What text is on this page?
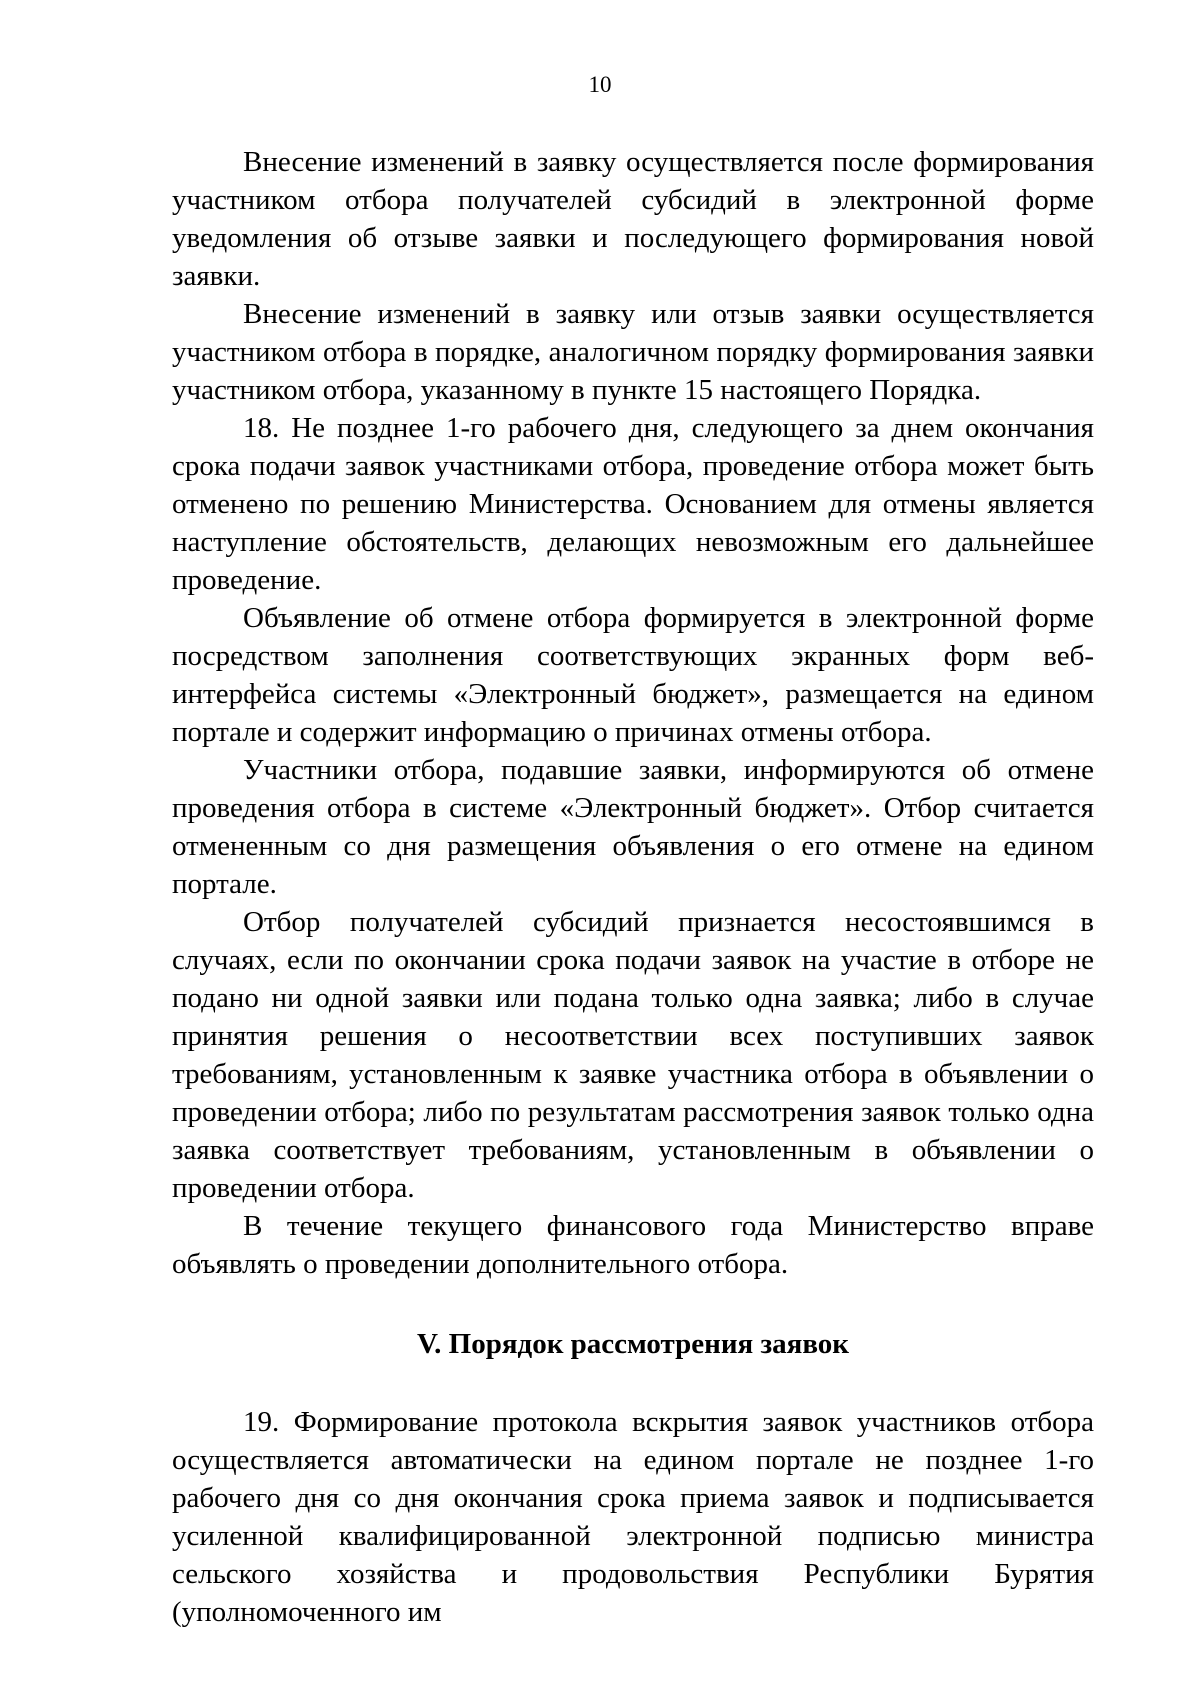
10

Внесение изменений в заявку осуществляется после формирования участником отбора получателей субсидий в электронной форме уведомления об отзыве заявки и последующего формирования новой заявки.

Внесение изменений в заявку или отзыв заявки осуществляется участником отбора в порядке, аналогичном порядку формирования заявки участником отбора, указанному в пункте 15 настоящего Порядка.

18. Не позднее 1-го рабочего дня, следующего за днем окончания срока подачи заявок участниками отбора, проведение отбора может быть отменено по решению Министерства. Основанием для отмены является наступление обстоятельств, делающих невозможным его дальнейшее проведение.

Объявление об отмене отбора формируется в электронной форме посредством заполнения соответствующих экранных форм веб-интерфейса системы «Электронный бюджет», размещается на едином портале и содержит информацию о причинах отмены отбора.

Участники отбора, подавшие заявки, информируются об отмене проведения отбора в системе «Электронный бюджет». Отбор считается отмененным со дня размещения объявления о его отмене на едином портале.

Отбор получателей субсидий признается несостоявшимся в случаях, если по окончании срока подачи заявок на участие в отборе не подано ни одной заявки или подана только одна заявка; либо в случае принятия решения о несоответствии всех поступивших заявок требованиям, установленным к заявке участника отбора в объявлении о проведении отбора; либо по результатам рассмотрения заявок только одна заявка соответствует требованиям, установленным в объявлении о проведении отбора.

В течение текущего финансового года Министерство вправе объявлять о проведении дополнительного отбора.

V. Порядок рассмотрения заявок

19. Формирование протокола вскрытия заявок участников отбора осуществляется автоматически на едином портале не позднее 1-го рабочего дня со дня окончания срока приема заявок и подписывается усиленной квалифицированной электронной подписью министра сельского хозяйства и продовольствия Республики Бурятия (уполномоченного им
